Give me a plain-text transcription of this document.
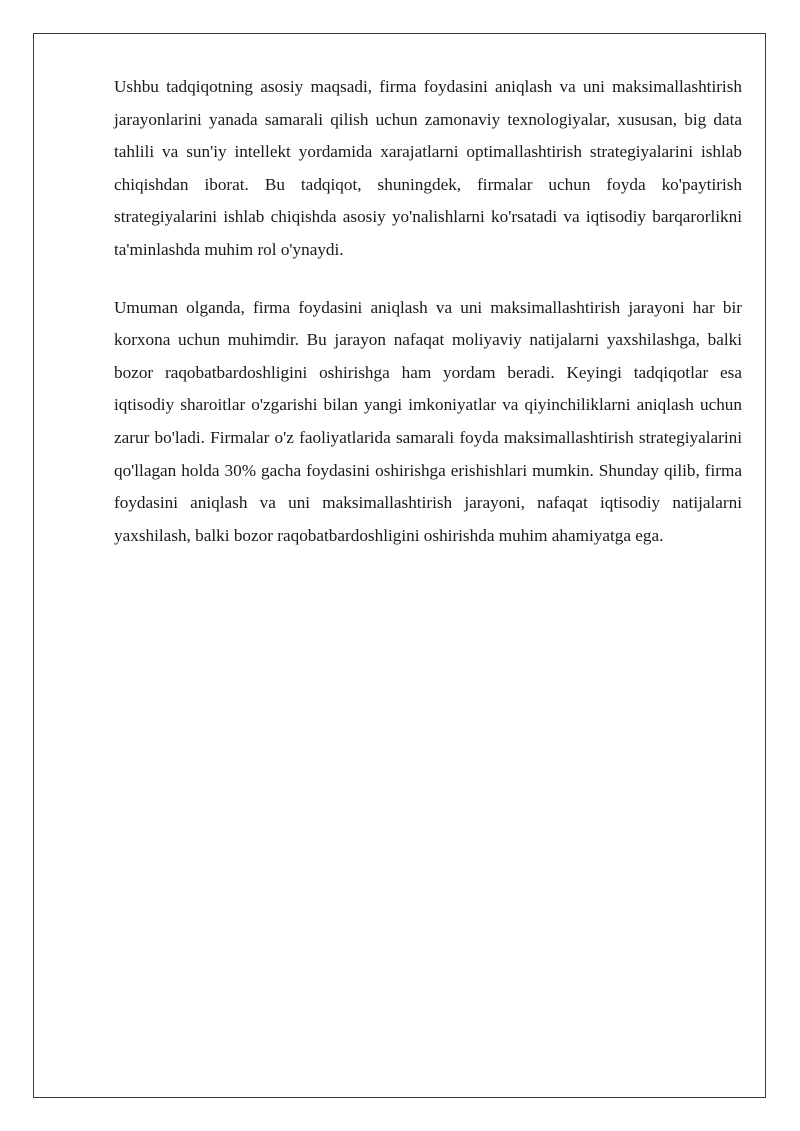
Ushbu tadqiqotning asosiy maqsadi, firma foydasini aniqlash va uni maksimallashtirish jarayonlarini yanada samarali qilish uchun zamonaviy texnologiyalar, xususan, big data tahlili va sun'iy intellekt yordamida xarajatlarni optimallashtirish strategiyalarini ishlab chiqishdan iborat. Bu tadqiqot, shuningdek, firmalar uchun foyda ko'paytirish strategiyalarini ishlab chiqishda asosiy yo'nalishlarni ko'rsatadi va iqtisodiy barqarorlikni ta'minlashda muhim rol o'ynaydi.

Umuman olganda, firma foydasini aniqlash va uni maksimallashtirish jarayoni har bir korxona uchun muhimdir. Bu jarayon nafaqat moliyaviy natijalarni yaxshilashga, balki bozor raqobatbardoshligini oshirishga ham yordam beradi. Keyingi tadqiqotlar esa iqtisodiy sharoitlar o'zgarishi bilan yangi imkoniyatlar va qiyinchiliklarni aniqlash uchun zarur bo'ladi. Firmalar o'z faoliyatlarida samarali foyda maksimallashtirish strategiyalarini qo'llagan holda 30% gacha foydasini oshirishga erishishlari mumkin. Shunday qilib, firma foydasini aniqlash va uni maksimallashtirish jarayoni, nafaqat iqtisodiy natijalarni yaxshilash, balki bozor raqobatbardoshligini oshirishda muhim ahamiyatga ega.
